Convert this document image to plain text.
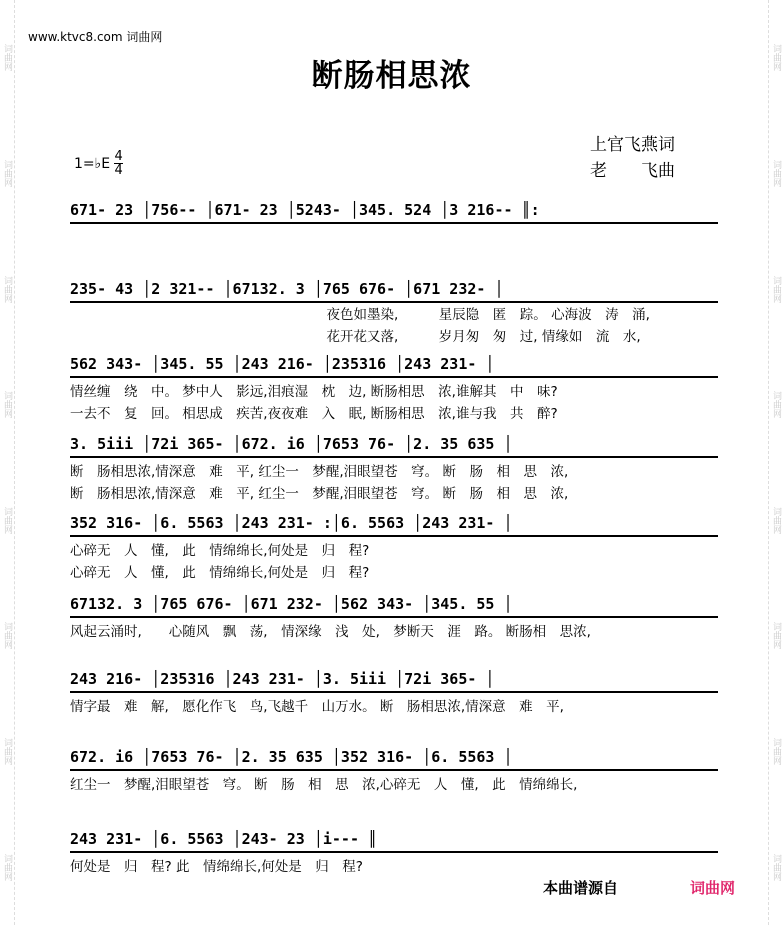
词曲网
词曲网
词曲网
词曲网
词曲网
词曲网
词曲网
词曲网
词曲网
词曲网
词曲网
词曲网
词曲网
词曲网
词曲网
词曲网
www.ktvc8.com 词曲网
断肠相思浓
上官飞燕词
老　　飞曲
1=♭E $\frac{4}{4}$
671- 23 │756-- │671- 23 │5243- │345. 524 │3 216-- ║:
235- 43 │2 321-- │67132. 3 │765 676- │671 232- │
　　　　　　　　　　　　　　　　　　　夜色如墨染,　　　星辰隐　匿　踪。 心海波　涛　涌,
　　　　　　　　　　　　　　　　　　　花开花又落,　　　岁月匆　匆　过, 情缘如　流　水,
562 343- │345. 55 │243 216- │235316 │243 231- │
情丝缠　绕　中。 梦中人　影远,泪痕湿　枕　边, 断肠相思　浓,谁解其　中　味?
一去不　复　回。 相思成　疾苦,夜夜难　入　眠, 断肠相思　浓,谁与我　共　醉?
3. 5iii │72i 365- │672. i6 │7653 76- │2. 35 635 │
断　肠相思浓,情深意　难　平, 红尘一　梦醒,泪眼望苍　穹。 断　肠　相　思　浓,
断　肠相思浓,情深意　难　平, 红尘一　梦醒,泪眼望苍　穹。 断　肠　相　思　浓,
352 316- │6. 5563 │243 231- :│6. 5563 │243 231- │
心碎无　人　懂,　此　情绵绵长,何处是　归　程?
心碎无　人　懂,　此　情绵绵长,何处是　归　程?
67132. 3 │765 676- │671 232- │562 343- │345. 55 │
风起云涌时,　　心随风　飘　荡,　情深缘　浅　处,　梦断天　涯　路。 断肠相　思浓,
243 216- │235316 │243 231- │3. 5iii │72i 365- │
情字最　难　解,　愿化作飞　鸟,飞越千　山万水。 断　肠相思浓,情深意　难　平,
672. i6 │7653 76- │2. 35 635 │352 316- │6. 5563 │
红尘一　梦醒,泪眼望苍　穹。 断　肠　相　思　浓,心碎无　人　懂,　此　情绵绵长,
243 231- │6. 5563 │243- 23 │i--- ║
何处是　归　程? 此　情绵绵长,何处是　归　程?
本曲谱源自	词曲网
